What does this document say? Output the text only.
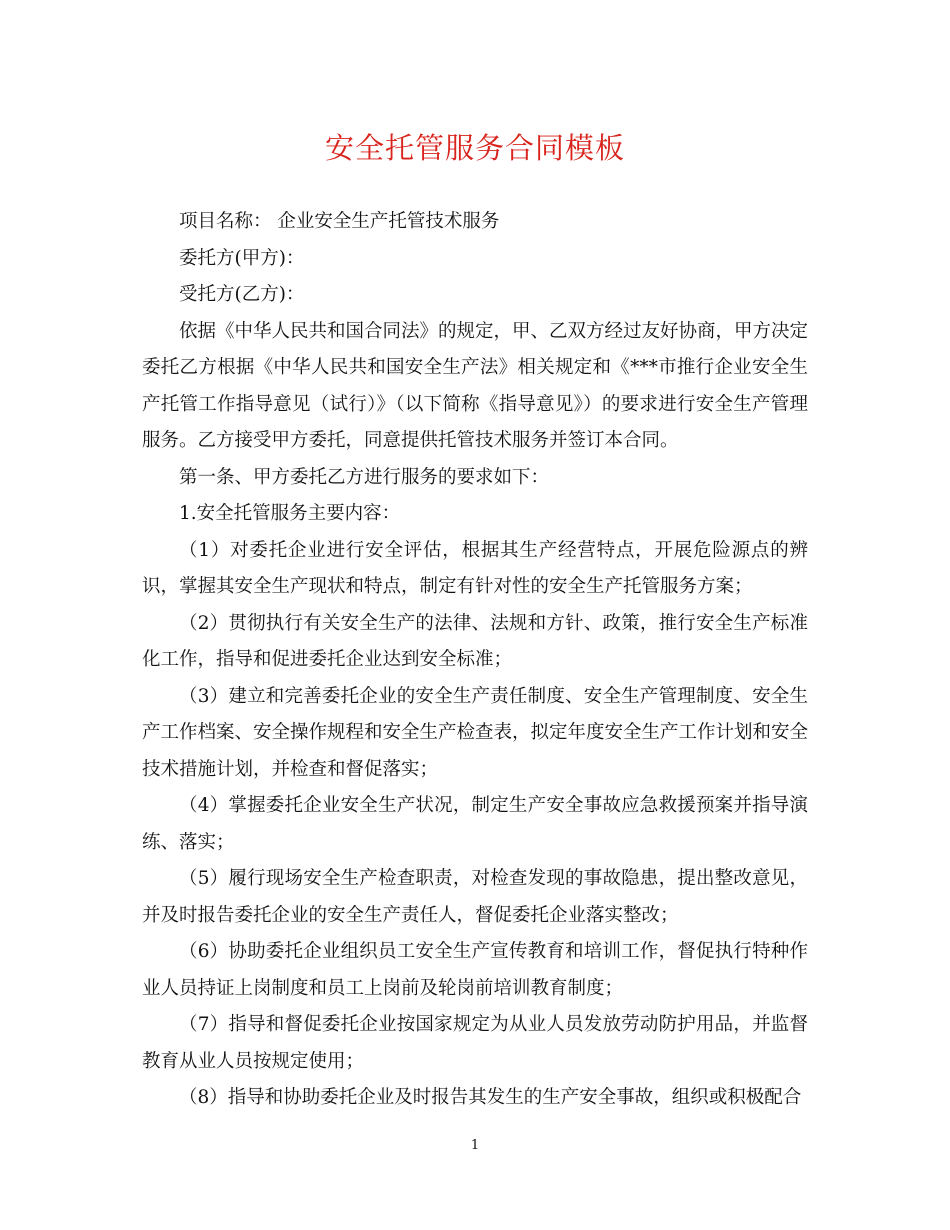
安全托管服务合同模板

项目名称： 企业安全生产托管技术服务

委托方(甲方)：

受托方(乙方)：

依据《中华人民共和国合同法》的规定，甲、乙双方经过友好协商，甲方决定委托乙方根据《中华人民共和国安全生产法》相关规定和《***市推行企业安全生产托管工作指导意见（试行）》（以下简称《指导意见》）的要求进行安全生产管理服务。乙方接受甲方委托，同意提供托管技术服务并签订本合同。

第一条、甲方委托乙方进行服务的要求如下：

1.安全托管服务主要内容：

（1）对委托企业进行安全评估，根据其生产经营特点，开展危险源点的辨识，掌握其安全生产现状和特点，制定有针对性的安全生产托管服务方案；

（2）贯彻执行有关安全生产的法律、法规和方针、政策，推行安全生产标准化工作，指导和促进委托企业达到安全标准；

（3）建立和完善委托企业的安全生产责任制度、安全生产管理制度、安全生产工作档案、安全操作规程和安全生产检查表，拟定年度安全生产工作计划和安全技术措施计划，并检查和督促落实；

（4）掌握委托企业安全生产状况，制定生产安全事故应急救援预案并指导演练、落实；

（5）履行现场安全生产检查职责，对检查发现的事故隐患，提出整改意见，并及时报告委托企业的安全生产责任人，督促委托企业落实整改；

（6）协助委托企业组织员工安全生产宣传教育和培训工作，督促执行特种作业人员持证上岗制度和员工上岗前及轮岗前培训教育制度；

（7）指导和督促委托企业按国家规定为从业人员发放劳动防护用品，并监督教育从业人员按规定使用；

（8）指导和协助委托企业及时报告其发生的生产安全事故，组织或积极配合

1
